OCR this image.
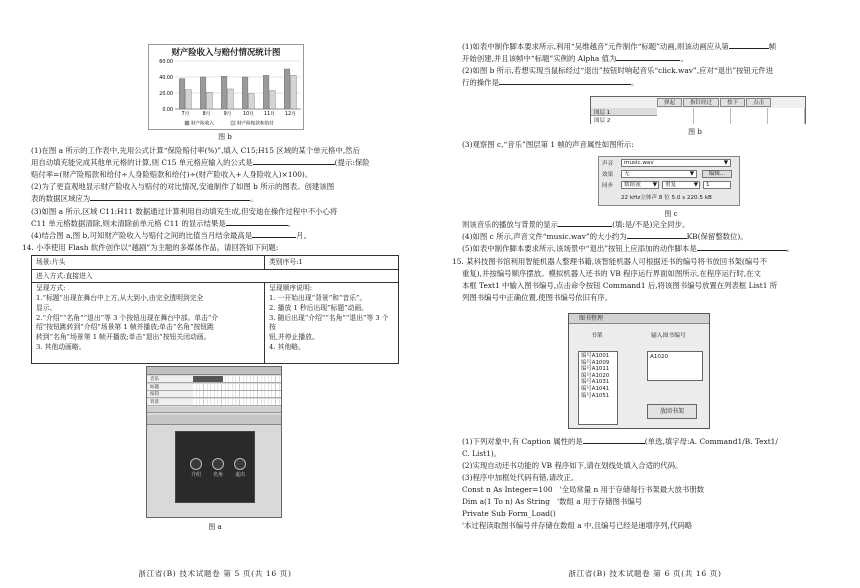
财产险收入与赔付情况统计图
0.00
20.00
40.00
60.00
7月	8月	9月 10月 11月 12月
财产险收入	财产险赔款和给付
图 b

(1)在图 a 所示的工作表中,先用公式计算“保险赔付率(%)”,填入 C15;H15 区域的某个单元格中,然后

用自动填充能完成其他单元格的计算,则 C15 单元格应输入的公式是	(提示:保险

赔付率=(财产险赔款和给付÷人身险赔款和给付)÷(财产险收入+人身险收入)×100)。

(2)为了更直观地显示财产险收入与赔付的对比情况,安迪制作了如图 b 所示的图表。创建该图

表的数据区域应为	。

(3)如图 a 所示,区域 C11:H11 数据通过计算利用自动填充生成,但安迪在操作过程中不小心将

C11 单元格数据清除,则未清除前单元格 C11 的显示结果是	。

(4)结合图 a,图 b,可知财产险收入与赔付之间的比值当月结余最高是	月。

14. 小李使用 Flash 软件创作以“越剧”为主题的多媒体作品。请回答如下问题:

场景:片头	类别序号:1
进入方式:直接进入
呈现方式:
1.“标题”出现在舞台中上方,从大到小,由完全透明到完全
显示。
2.“介绍”“名角”“退出”等 3 个按钮出现在舞台中部。单击“介
绍”按钮跳转到“介绍”场景第 1 帧并播放;单击“名角”按钮跳
转到“名角”场景第 1 帧开播放;单击“退出”按钮关闭动画。
3. 其他动画略。
呈现顺序说明:
1. 一开始出现“背景”和“音乐”。
2. 播放 1 秒后出现“标题”动画。
3. 随后出现“介绍”“名角”“退出”等 3 个按
钮,并停止播放。
4. 其他略。
音乐
标题
按钮
背景
介绍 名角 退出
图 a
浙江省(B) 技术试题卷 第 5 页(共 16 页)

(1)如表中制作脚本要求所示,利用“吴维越音”元件制作“标题”动画,则该动画应从第	帧

开始创建,并且该帧中“标题”实例的 Alpha 值为	。

(2)如图 b 所示,若想实现当鼠标经过“退出”按钮时响起音乐“click.wav”,应对“退出”按钮元件进

行的操作是	。

弹起	指针经过	按下	点击
图层 1
图层 2
图 b

(3)观察图 c,“音乐”图层第 1 帧的声音属性如图所示:

声音	music.wav	▼
效果	无	▼	编辑...
同步	数据流 ▼	重复	▼	1
22 kHz立体声 8 位 5.0 s 220.5 kB
图 c

则该音乐的播放与背景的显示	(填:是/不是)完全同步。

(4)如图 c 所示,声音文件“music.wav”的大小约为	KB(保留整数位)。

(5)如表中制作脚本要求所示,该场景中“退出”按钮上应添加的动作脚本是	。

15. 某科技图书馆利用智能机器人整理书籍,该智能机器人可根据还书的编号将书放回书架(编号不

重复),并按编号顺序摆放。模拟机器人还书的 VB 程序运行界面如图所示,在程序运行时,在文

本框 Text1 中输入图书编号,点击命令按钮 Command1 后,将该图书编号放置在列表框 List1 所

列图书编号中正确位置,使图书编号依旧有序。

图书整理
书架	输入图书编号
编号A1001
编号A1009
编号A1011
编号A1020
编号A1031
编号A1041
编号A1051
A1020
放回书架

(1)下列对象中,有 Caption 属性的是	(单选,填字母:A. Command1/B. Text1/

C. List1)。

(2)实现自动还书功能的 VB 程序如下,请在划线处填入合适的代码。

(3)程序中加框处代码有错,请改正。

Const n As Integer=100   '全局常量 n 用于存储每行书架最大放书册数
Dim a(1 To n) As String   '数组 a 用于存储图书编号
Private Sub Form_Load()
'本过程读取图书编号并存储在数组 a 中,且编号已经是递增序列,代码略
浙江省(B) 技术试题卷 第 6 页(共 16 页)
